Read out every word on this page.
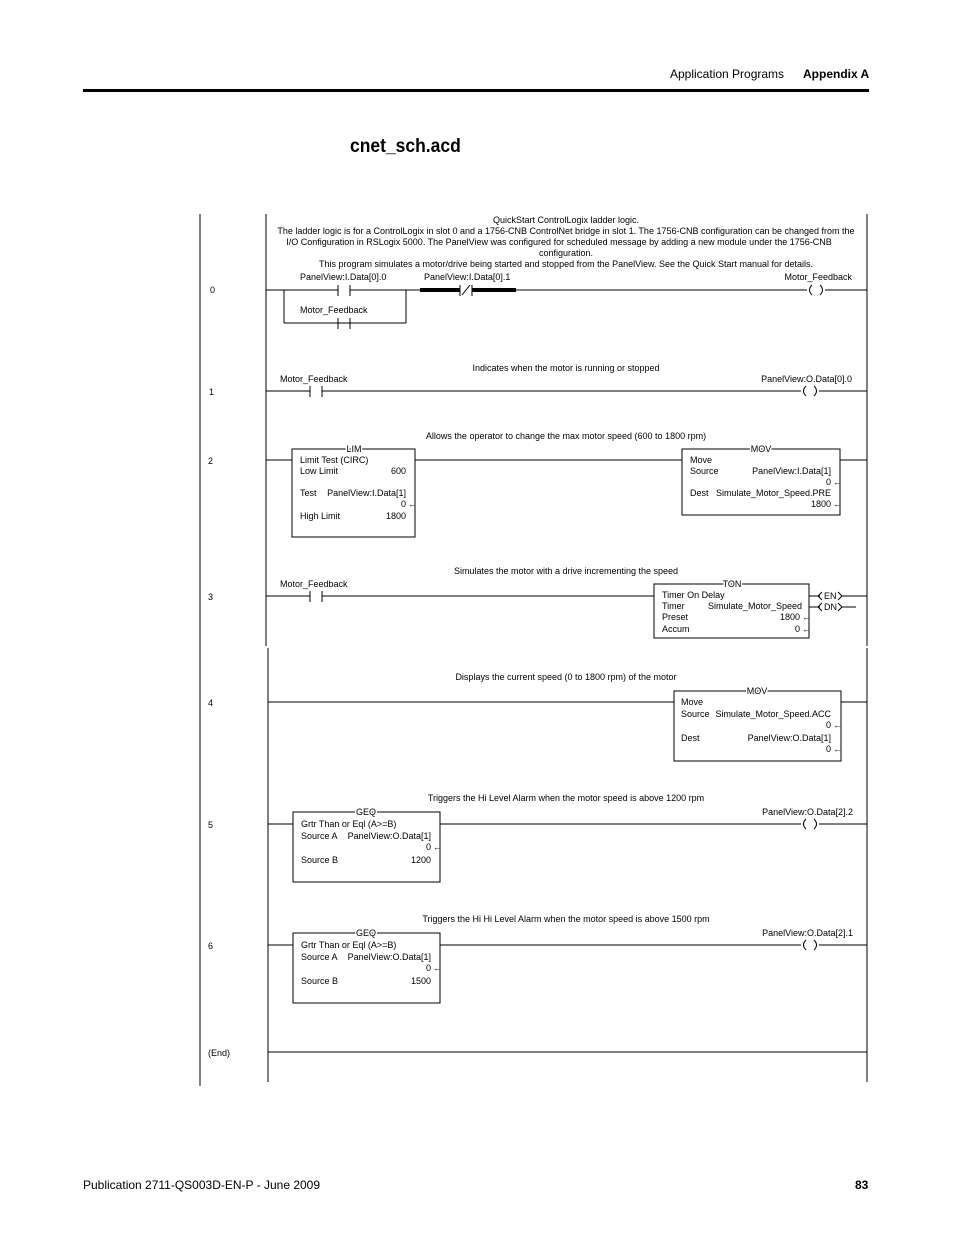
Application Programs Appendix A
cnet_sch.acd
QuickStart ControlLogix ladder logic.
The ladder logic is for a ControlLogix in slot 0 and a 1756-CNB ControlNet bridge in slot 1. The 1756-CNB configuration can be changed from the
I/O Configuration in RSLogix 5000. The PanelView was configured for scheduled message by adding a new module under the 1756-CNB
configuration.
This program simulates a motor/drive being started and stopped from the PanelView. See the Quick Start manual for details.
0
PanelView:I.Data[0].0	PanelView:I.Data[0].1	Motor_Feedback
Motor_Feedback
Indicates when the motor is running or stopped
1
Motor_Feedback	PanelView:O.Data[0].0
Allows the operator to change the max motor speed (600 to 1800 rpm)
2
LIM
Limit Test (CIRC)
Low Limit	600
Test PanelView:I.Data[1]
0 ←
High Limit	1800
MOV
Move
Source	PanelView:I.Data[1]
0 ←
Dest Simulate_Motor_Speed.PRE
1800 ←
Simulates the motor with a drive incrementing the speed
3
Motor_Feedback	TON
Timer On Delay
Timer	Simulate_Motor_Speed
Preset	1800 ←
Accum	0 ←
EN
DN
Displays the current speed (0 to 1800 rpm) of the motor
4
MOV
Move
Source Simulate_Motor_Speed.ACC
0 ←
Dest	PanelView:O.Data[1]
0 ←
Triggers the Hi Level Alarm when the motor speed is above 1200 rpm
5
GEQ
Grtr Than or Eql (A>=B)
Source A PanelView:O.Data[1]
0 ←
Source B	1200
PanelView:O.Data[2].2
Triggers the Hi Hi Level Alarm when the motor speed is above 1500 rpm
6
GEQ
Grtr Than or Eql (A>=B)
Source A PanelView:O.Data[1]
0 ←
Source B	1500
PanelView:O.Data[2].1
(End)
Publication 2711-QS003D-EN-P - June 2009	83
